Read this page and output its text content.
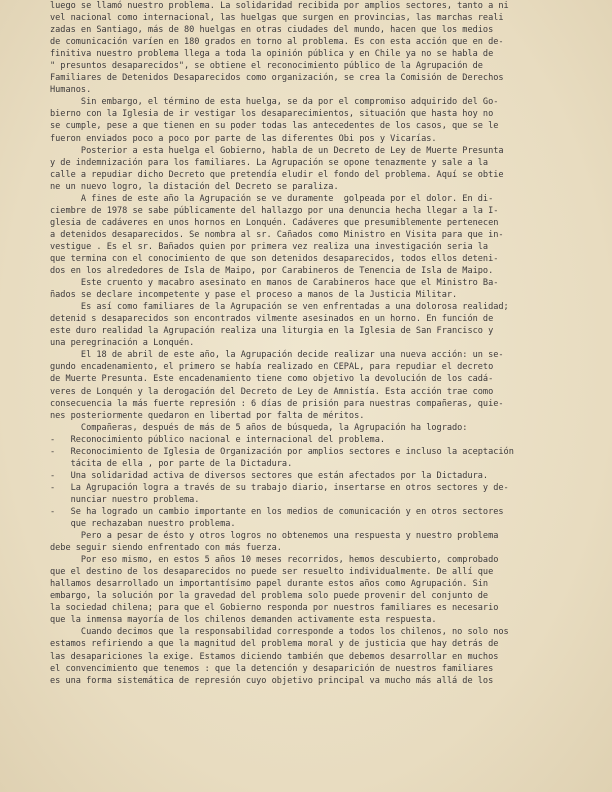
luego se llamó nuestro problema. La solidaridad recibida por amplios sectores, tanto a ni
vel nacional como internacional, las huelgas que surgen en provincias, las marchas reali
zadas en Santiago, más de 80 huelgas en otras ciudades del mundo, hacen que los medios
de comunicación varíen en 180 grados en torno al problema. Es con esta acción que en de-
finitiva nuestro problema llega a toda la opinión pública y en Chile ya no se habla de
" presuntos desaparecidos", se obtiene el reconocimiento público de la Agrupación de
Familiares de Detenidos Desaparecidos como organización, se crea la Comisión de Derechos
Humanos.
Sin embargo, el término de esta huelga, se da por el compromiso adquirido del Go-
bierno con la Iglesia de ir vestigar los desaparecimientos, situación que hasta hoy no
se cumple, pese a que tienen en su poder todas las antecedentes de los casos, que se le
fueron enviados poco a poco por parte de las diferentes Obi pos y Vicarías.
Posterior a esta huelga el Gobierno, habla de un Decreto de Ley de Muerte Presunta
y de indemnización para los familiares. La Agrupación se opone tenazmente y sale a la
calle a repudiar dicho Decreto que pretendía eludir el fondo del problema. Aquí se obtie
ne un nuevo logro, la distación del Decreto se paraliza.
A fines de este año la Agrupación se ve duramente  golpeada por el dolor. En di-
ciembre de 1978 se sabe públicamente del hallazgo por una denuncia hecha llegar a la I-
glesia de cadáveres en unos hornos en Lonquén. Cadáveres que presumiblemente pertenecen
a detenidos desaparecidos. Se nombra al sr. Cañados como Ministro en Visita para que in-
vestigue . Es el sr. Bañados quien por primera vez realiza una investigación seria la
que termina con el conocimiento de que son detenidos desaparecidos, todos ellos deteni-
dos en los alrededores de Isla de Maipo, por Carabineros de Tenencia de Isla de Maipo.
Este cruento y macabro asesinato en manos de Carabineros hace que el Ministro Ba-
ñados se declare incompetente y pase el proceso a manos de la Justicia Militar.
Es así como familiares de la Agrupación se ven enfrentadas a una dolorosa realidad;
detenid s desaparecidos son encontrados vilmente asesinados en un horno. En función de
este duro realidad la Agrupación realiza una liturgia en la Iglesia de San Francisco y
una peregrinación a Lonquén.
El 18 de abril de este año, la Agrupación decide realizar una nueva acción: un se-
gundo encadenamiento, el primero se había realizado en CEPAL, para repudiar el decreto
de Muerte Presunta. Este encadenamiento tiene como objetivo la devolución de los cadá-
veres de Lonquén y la derogación del Decreto de Ley de Amnistía. Esta acción trae como
consecuencia la más fuerte represión : 6 días de prisión para nuestras compañeras, quie-
nes posteriormente quedaron en libertad por falta de méritos.
Compañeras, después de más de 5 años de búsqueda, la Agrupación ha logrado:
-   Reconocimiento público nacional e internacional del problema.
-   Reconocimiento de Iglesia de Organización por amplios sectores e incluso la aceptación
tácita de ella , por parte de la Dictadura.
-   Una solidaridad activa de diversos sectores que están afectados por la Dictadura.
-   La Agrupación logra a través de su trabajo diario, insertarse en otros sectores y de-
nunciar nuestro problema.
-   Se ha logrado un cambio importante en los medios de comunicación y en otros sectores
que rechazaban nuestro problema.
Pero a pesar de ésto y otros logros no obtenemos una respuesta y nuestro problema
debe seguir siendo enfrentado con más fuerza.
Por eso mismo, en estos 5 años 10 meses recorridos, hemos descubierto, comprobado
que el destino de los desaparecidos no puede ser resuelto individualmente. De allí que
hallamos desarrollado un importantísimo papel durante estos años como Agrupación. Sin
embargo, la solución por la gravedad del problema solo puede provenir del conjunto de
la sociedad chilena; para que el Gobierno responda por nuestros familiares es necesario
que la inmensa mayoría de los chilenos demanden activamente esta respuesta.
Cuando decimos que la responsabilidad corresponde a todos los chilenos, no solo nos
estamos refiriendo a que la magnitud del problema moral y de justicia que hay detrás de
las desapariciones la exige. Estamos diciendo también que debemos desarrollar en muchos
el convencimiento que tenemos : que la detención y desaparición de nuestros familiares
es una forma sistemática de represión cuyo objetivo principal va mucho más allá de los
